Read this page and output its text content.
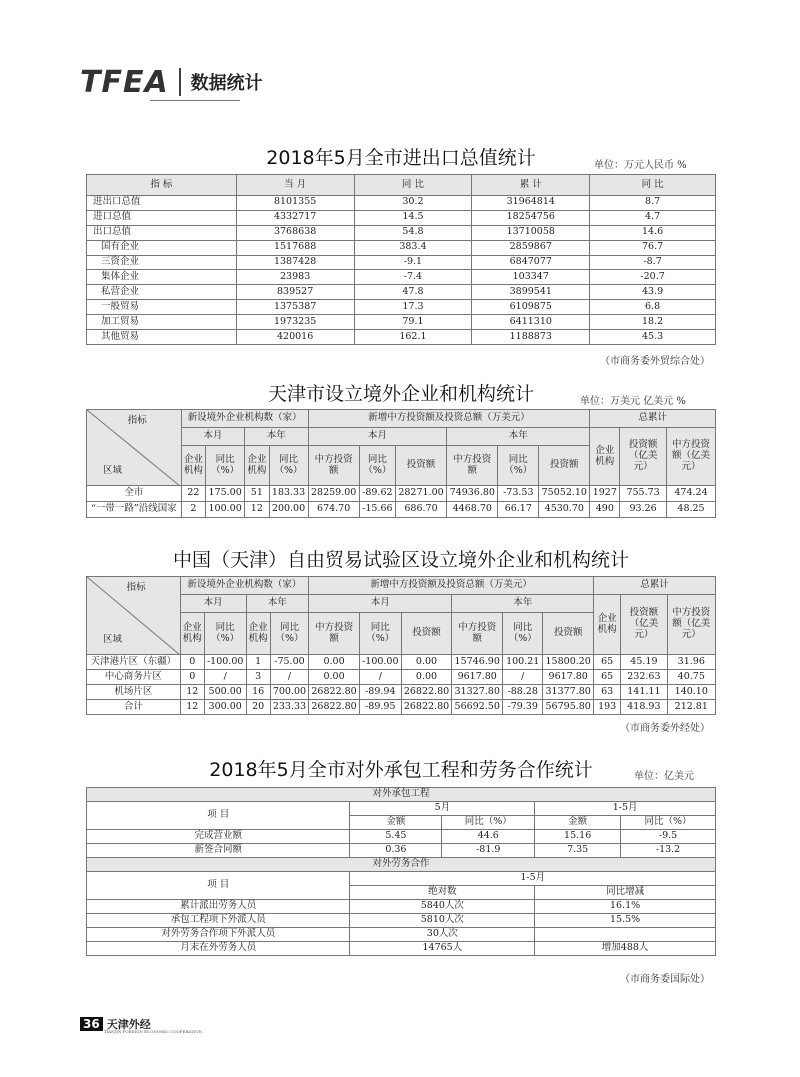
TFEA 数据统计
2018年5月全市进出口总值统计	单位：万元人民币 %
指 标	当 月	同 比	累 计	同 比
进出口总值	8101355	30.2	31964814	8.7
进口总值	4332717	14.5	18254756	4.7
出口总值	3768638	54.8	13710058	14.6
国有企业	1517688	383.4	2859867	76.7
三资企业	1387428	-9.1	6847077	-8.7
集体企业	23983	-7.4	103347	-20.7
私营企业	839527	47.8	3899541	43.9
一般贸易	1375387	17.3	6109875	6.8
加工贸易	1973235	79.1	6411310	18.2
其他贸易	420016	162.1	1188873	45.3
（市商务委外贸综合处）
天津市设立境外企业和机构统计	单位：万美元 亿美元 %
指标
区域	新设境外企业机构数（家）				新增中方投资额及投资总额（万美元）						总累计		
	本月		本年		本月			本年			企业机构	投资额（亿美元）	中方投资额（亿美元）
	企业机构	同比（%）	企业机构	同比（%）	中方投资额	同比（%）	投资额	中方投资额	同比（%）	投资额			
全市	22	175.00	51	183.33	28259.00	-89.62	28271.00	74936.80	-73.53	75052.10	1927	755.73	474.24
“一带一路”沿线国家	2	100.00	12	200.00	674.70	-15.66	686.70	4468.70	66.17	4530.70	490	93.26	48.25
中国（天津）自由贸易试验区设立境外企业和机构统计
指标
区域	新设境外企业机构数（家）				新增中方投资额及投资总额（万美元）						总累计		
	本月		本年		本月			本年			企业机构	投资额（亿美元）	中方投资额（亿美元）
	企业机构	同比（%）	企业机构	同比（%）	中方投资额	同比（%）	投资额	中方投资额	同比（%）	投资额			
天津港片区（东疆）	0	-100.00	1	-75.00	0.00	-100.00	0.00	15746.90	100.21	15800.20	65	45.19	31.96
中心商务片区	0	/	3	/	0.00	/	0.00	9617.80	/	9617.80	65	232.63	40.75
机场片区	12	500.00	16	700.00	26822.80	-89.94	26822.80	31327.80	-88.28	31377.80	63	141.11	140.10
合计	12	300.00	20	233.33	26822.80	-89.95	26822.80	56692.50	-79.39	56795.80	193	418.93	212.81
（市商务委外经处）
2018年5月全市对外承包工程和劳务合作统计	单位：亿美元
对外承包工程				
项 目	5月		1-5月	
	金额	同比（%）	金额	同比（%）
完成营业额	5.45	44.6	15.16	-9.5
新签合同额	0.36	-81.9	7.35	-13.2
对外劳务合作				
项 目	1-5月			
	绝对数		同比增减	
累计派出劳务人员	5840人次		16.1%	
承包工程项下外派人员	5810人次		15.5%	
对外劳务合作项下外派人员	30人次			
月末在外劳务人员	14765人		增加488人	
（市商务委国际处）
36 天津外经
TIANJIN FOREIGN ECONOMIC COOPERATION
